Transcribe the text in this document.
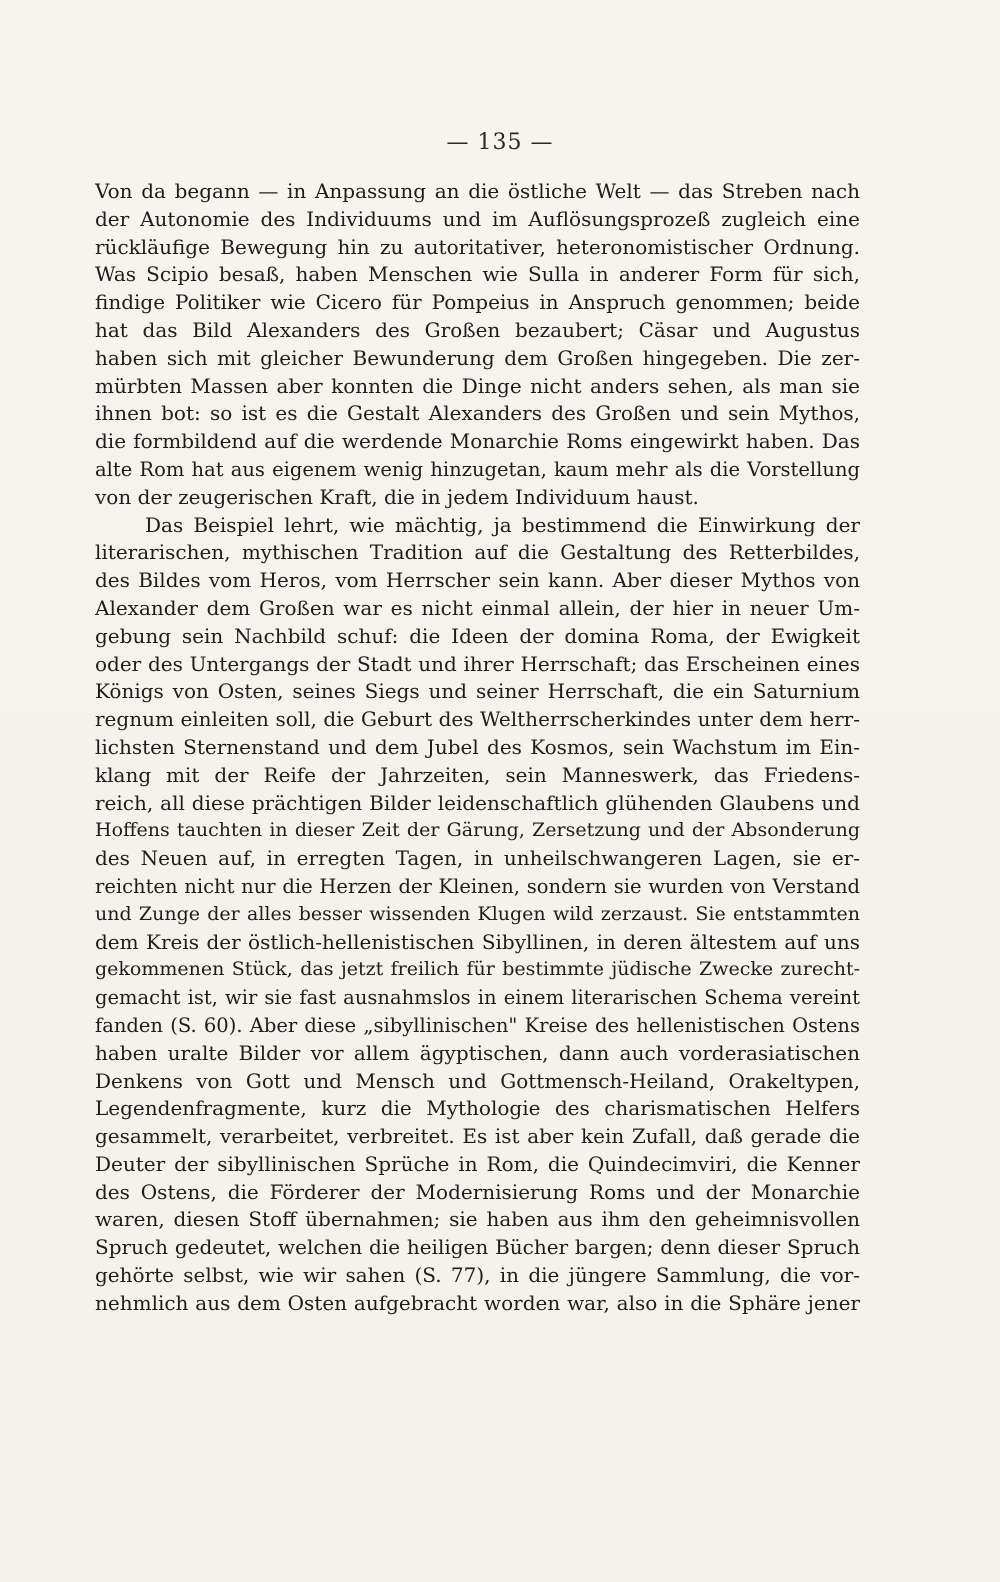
— 135 —
Von da begann — in Anpassung an die östliche Welt — das Streben nach
der Autonomie des Individuums und im Auflösungsprozeß zugleich eine
rückläufige Bewegung hin zu autoritativer, heteronomistischer Ordnung.
Was Scipio besaß, haben Menschen wie Sulla in anderer Form für sich,
findige Politiker wie Cicero für Pompeius in Anspruch genommen; beide
hat das Bild Alexanders des Großen bezaubert; Cäsar und Augustus
haben sich mit gleicher Bewunderung dem Großen hingegeben. Die zer-
mürbten Massen aber konnten die Dinge nicht anders sehen, als man sie
ihnen bot: so ist es die Gestalt Alexanders des Großen und sein Mythos,
die formbildend auf die werdende Monarchie Roms eingewirkt haben. Das
alte Rom hat aus eigenem wenig hinzugetan, kaum mehr als die Vorstellung
von der zeugerischen Kraft, die in jedem Individuum haust.
Das Beispiel lehrt, wie mächtig, ja bestimmend die Einwirkung der
literarischen, mythischen Tradition auf die Gestaltung des Retterbildes,
des Bildes vom Heros, vom Herrscher sein kann. Aber dieser Mythos von
Alexander dem Großen war es nicht einmal allein, der hier in neuer Um-
gebung sein Nachbild schuf: die Ideen der domina Roma, der Ewigkeit
oder des Untergangs der Stadt und ihrer Herrschaft; das Erscheinen eines
Königs von Osten, seines Siegs und seiner Herrschaft, die ein Saturnium
regnum einleiten soll, die Geburt des Weltherrscherkindes unter dem herr-
lichsten Sternenstand und dem Jubel des Kosmos, sein Wachstum im Ein-
klang mit der Reife der Jahrzeiten, sein Manneswerk, das Friedens-
reich, all diese prächtigen Bilder leidenschaftlich glühenden Glaubens und
Hoffens tauchten in dieser Zeit der Gärung, Zersetzung und der Absonderung
des Neuen auf, in erregten Tagen, in unheilschwangeren Lagen, sie er-
reichten nicht nur die Herzen der Kleinen, sondern sie wurden von Verstand
und Zunge der alles besser wissenden Klugen wild zerzaust. Sie entstammten
dem Kreis der östlich-hellenistischen Sibyllinen, in deren ältestem auf uns
gekommenen Stück, das jetzt freilich für bestimmte jüdische Zwecke zurecht-
gemacht ist, wir sie fast ausnahmslos in einem literarischen Schema vereint
fanden (S. 60). Aber diese „sibyllinischen" Kreise des hellenistischen Ostens
haben uralte Bilder vor allem ägyptischen, dann auch vorderasiatischen
Denkens von Gott und Mensch und Gottmensch-Heiland, Orakeltypen,
Legendenfragmente, kurz die Mythologie des charismatischen Helfers
gesammelt, verarbeitet, verbreitet. Es ist aber kein Zufall, daß gerade die
Deuter der sibyllinischen Sprüche in Rom, die Quindecimviri, die Kenner
des Ostens, die Förderer der Modernisierung Roms und der Monarchie
waren, diesen Stoff übernahmen; sie haben aus ihm den geheimnisvollen
Spruch gedeutet, welchen die heiligen Bücher bargen; denn dieser Spruch
gehörte selbst, wie wir sahen (S. 77), in die jüngere Sammlung, die vor-
nehmlich aus dem Osten aufgebracht worden war, also in die Sphäre jener
